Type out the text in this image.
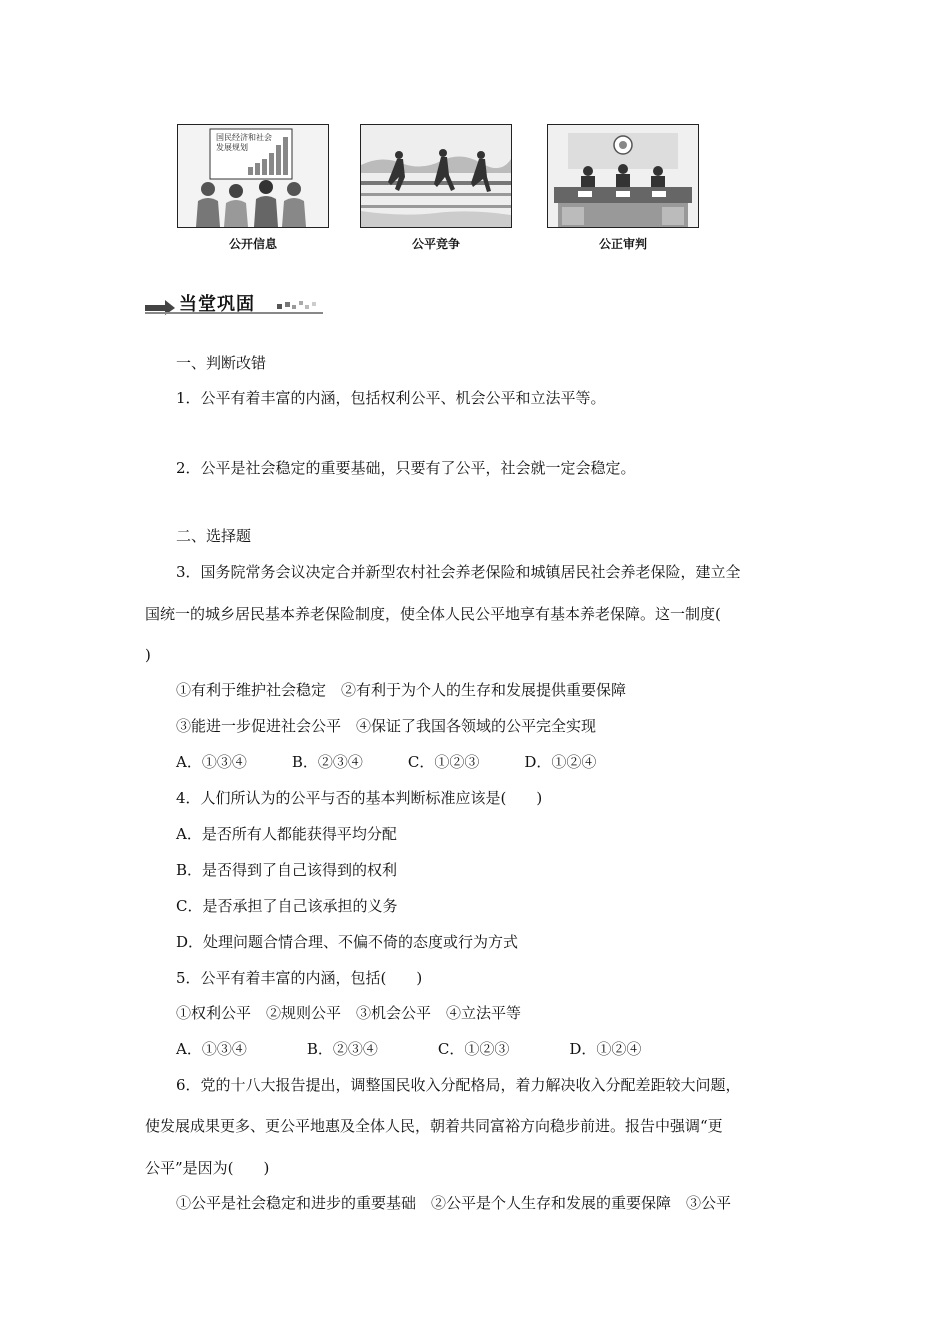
国民经济和社会
发展规划
公开信息	公平竞争	公正审判
当堂巩固
一、判断改错
1．公平有着丰富的内涵，包括权利公平、机会公平和立法平等。
2．公平是社会稳定的重要基础，只要有了公平，社会就一定会稳定。
二、选择题
3．国务院常务会议决定合并新型农村社会养老保险和城镇居民社会养老保险，建立全
国统一的城乡居民基本养老保险制度，使全体人民公平地享有基本养老保障。这一制度(
)
①有利于维护社会稳定　②有利于为个人的生存和发展提供重要保障
③能进一步促进社会公平　④保证了我国各领域的公平完全实现
A．①③④　　　B．②③④　　　C．①②③　　　D．①②④
4．人们所认为的公平与否的基本判断标准应该是(　　)
A．是否所有人都能获得平均分配
B．是否得到了自己该得到的权利
C．是否承担了自己该承担的义务
D．处理问题合情合理、不偏不倚的态度或行为方式
5．公平有着丰富的内涵，包括(　　)
①权利公平　②规则公平　③机会公平　④立法平等
A．①③④　　　　B．②③④　　　　C．①②③　　　　D．①②④
6．党的十八大报告提出，调整国民收入分配格局，着力解决收入分配差距较大问题，
使发展成果更多、更公平地惠及全体人民，朝着共同富裕方向稳步前进。报告中强调“更
公平”是因为(　　)
①公平是社会稳定和进步的重要基础　②公平是个人生存和发展的重要保障　③公平
